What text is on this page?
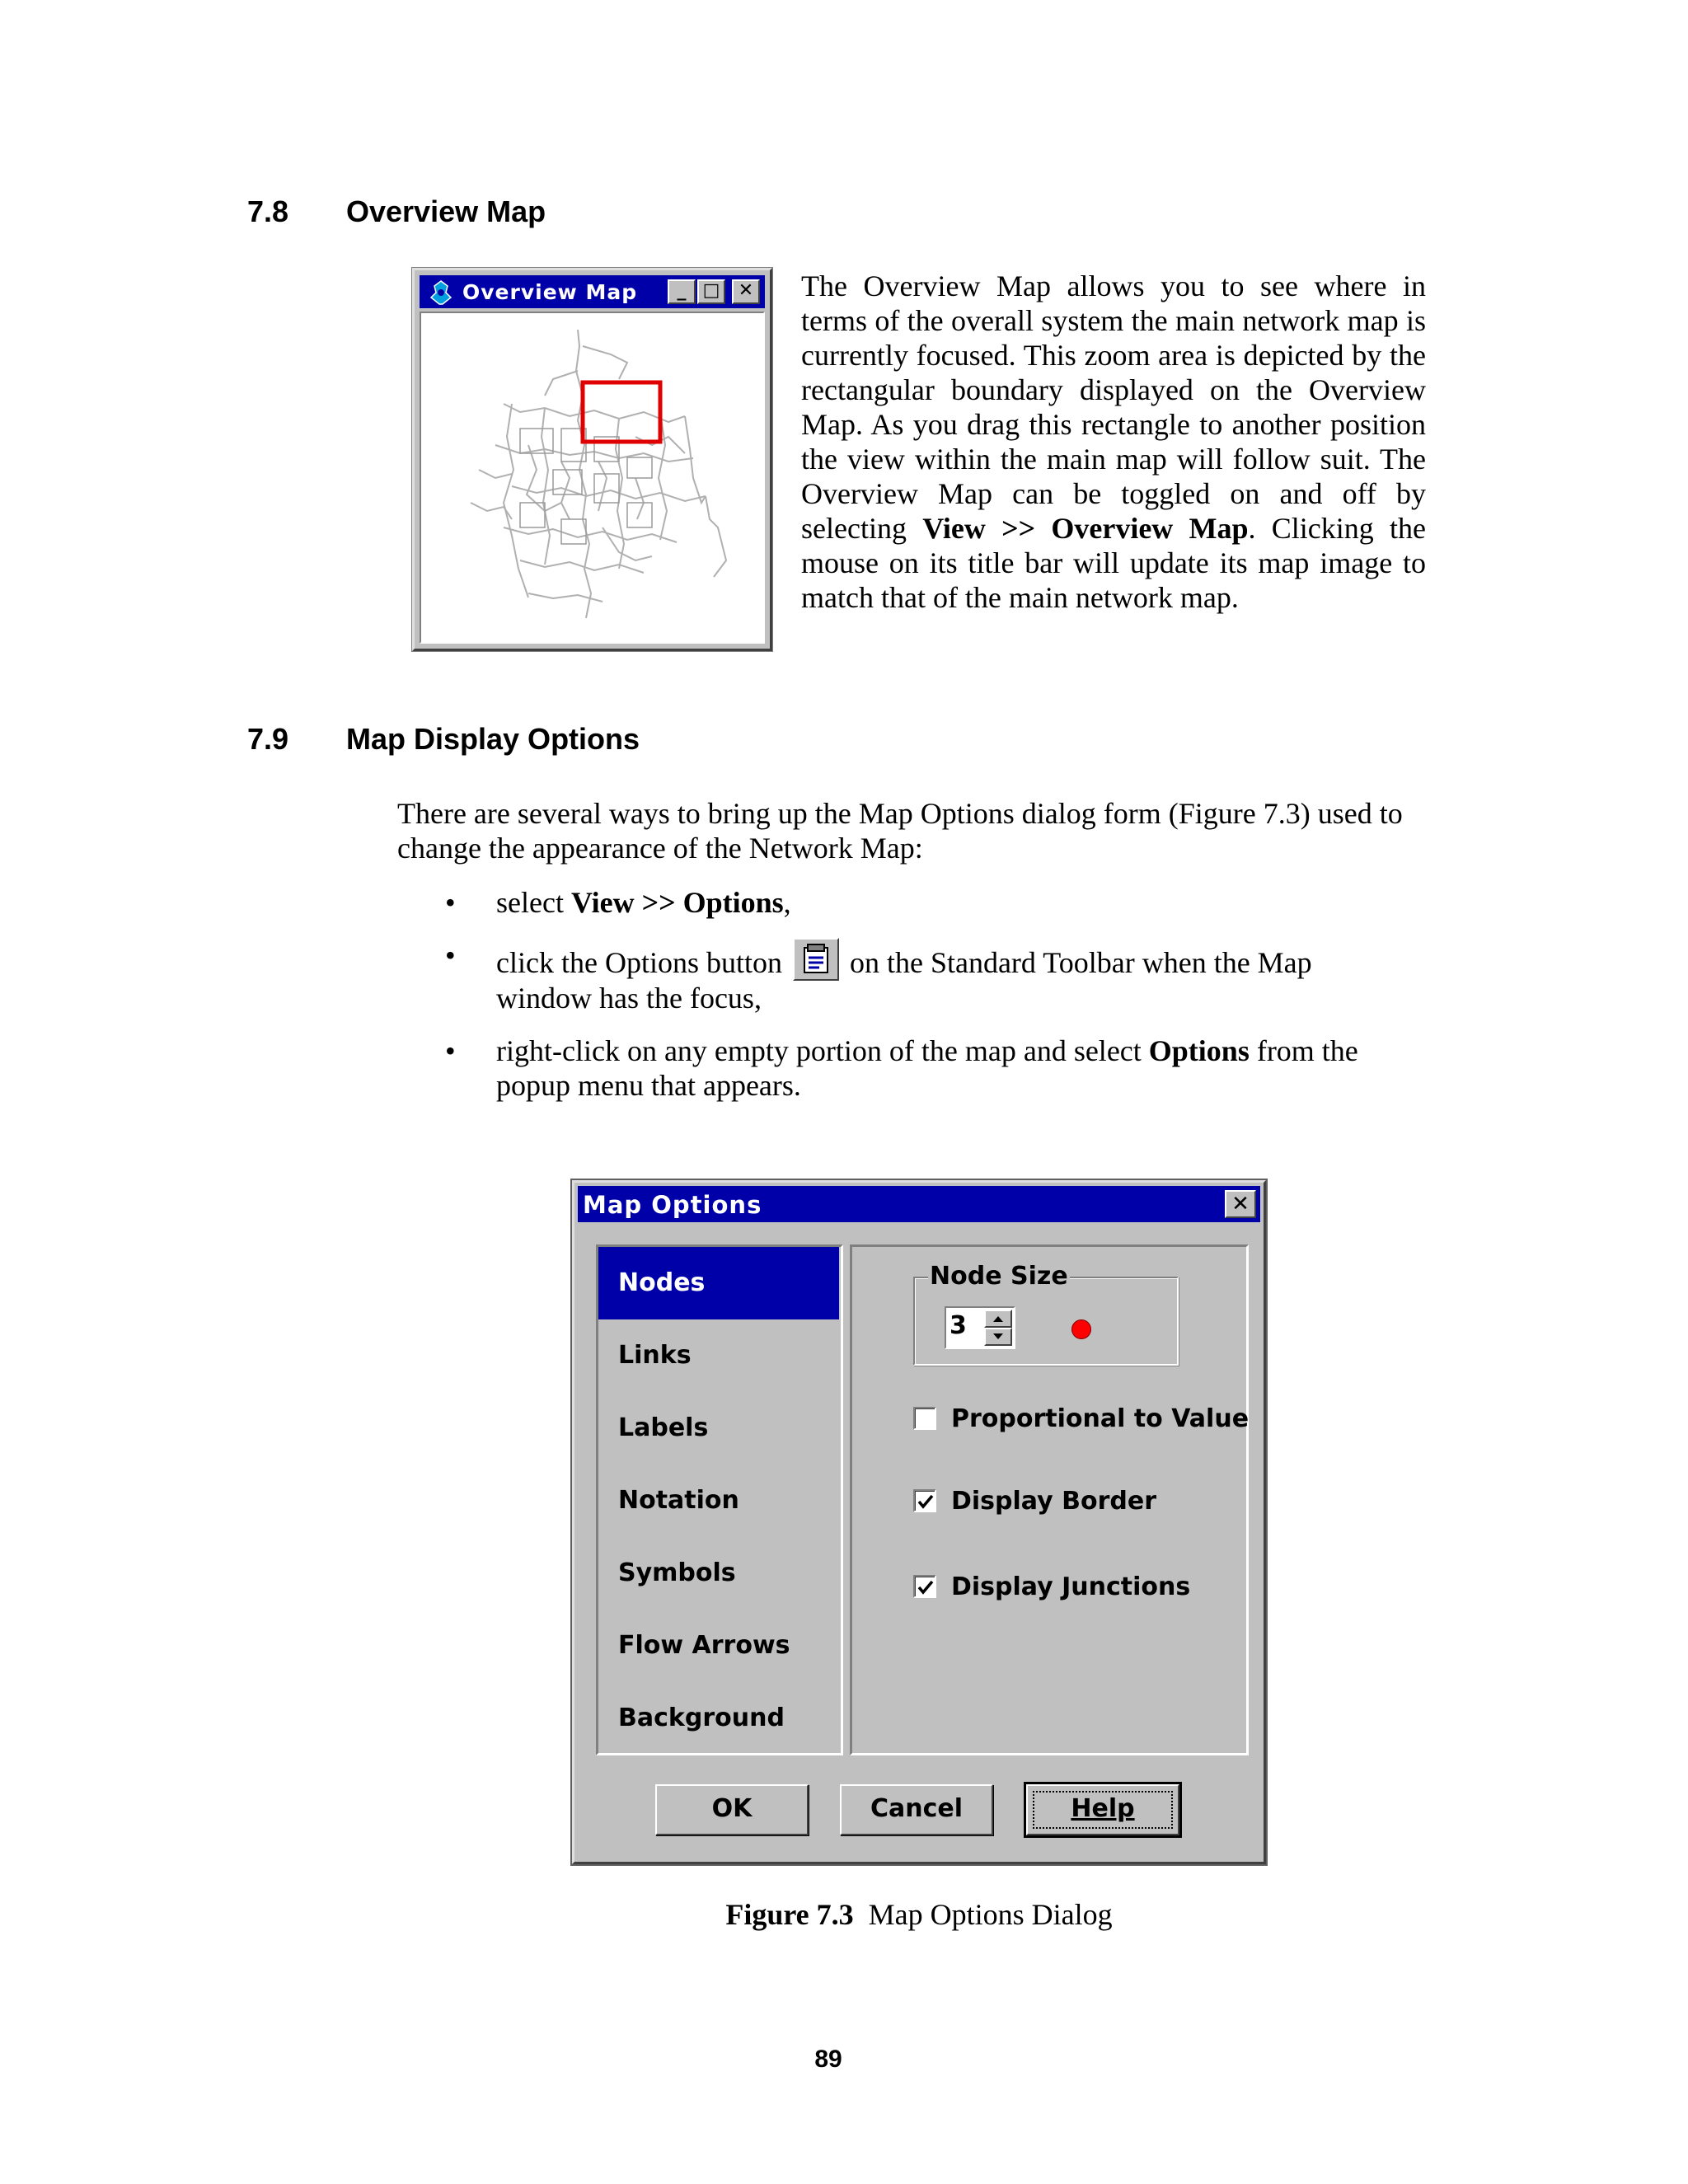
7.8 Overview Map
Overview Map	_ □	✕ The Overview Map allows you to see where in terms of the overall system the main network map is currently focused. This zoom area is depicted by the rectangular boundary displayed on the Overview Map. As you drag this rectangle to another position the view within the main map will follow suit. The Overview Map can be toggled on and off by selecting View >> Overview Map. Clicking the mouse on its title bar will update its map image to match that of the main network map.
7.9 Map Display Options
There are several ways to bring up the Map Options dialog form (Figure 7.3) used to change the appearance of the Network Map:
• select View >> Options,
• click the Options button
on the Standard Toolbar when the Map window has the focus,
• right-click on any empty portion of the map and select Options from the popup menu that appears.
Map Options	✕
Nodes
Links
Labels
Notation
Symbols
Flow Arrows
Background
Node Size
3
Proportional to Value
Display Border
Display Junctions
OK	Cancel	Help
Figure 7.3 Map Options Dialog
89
